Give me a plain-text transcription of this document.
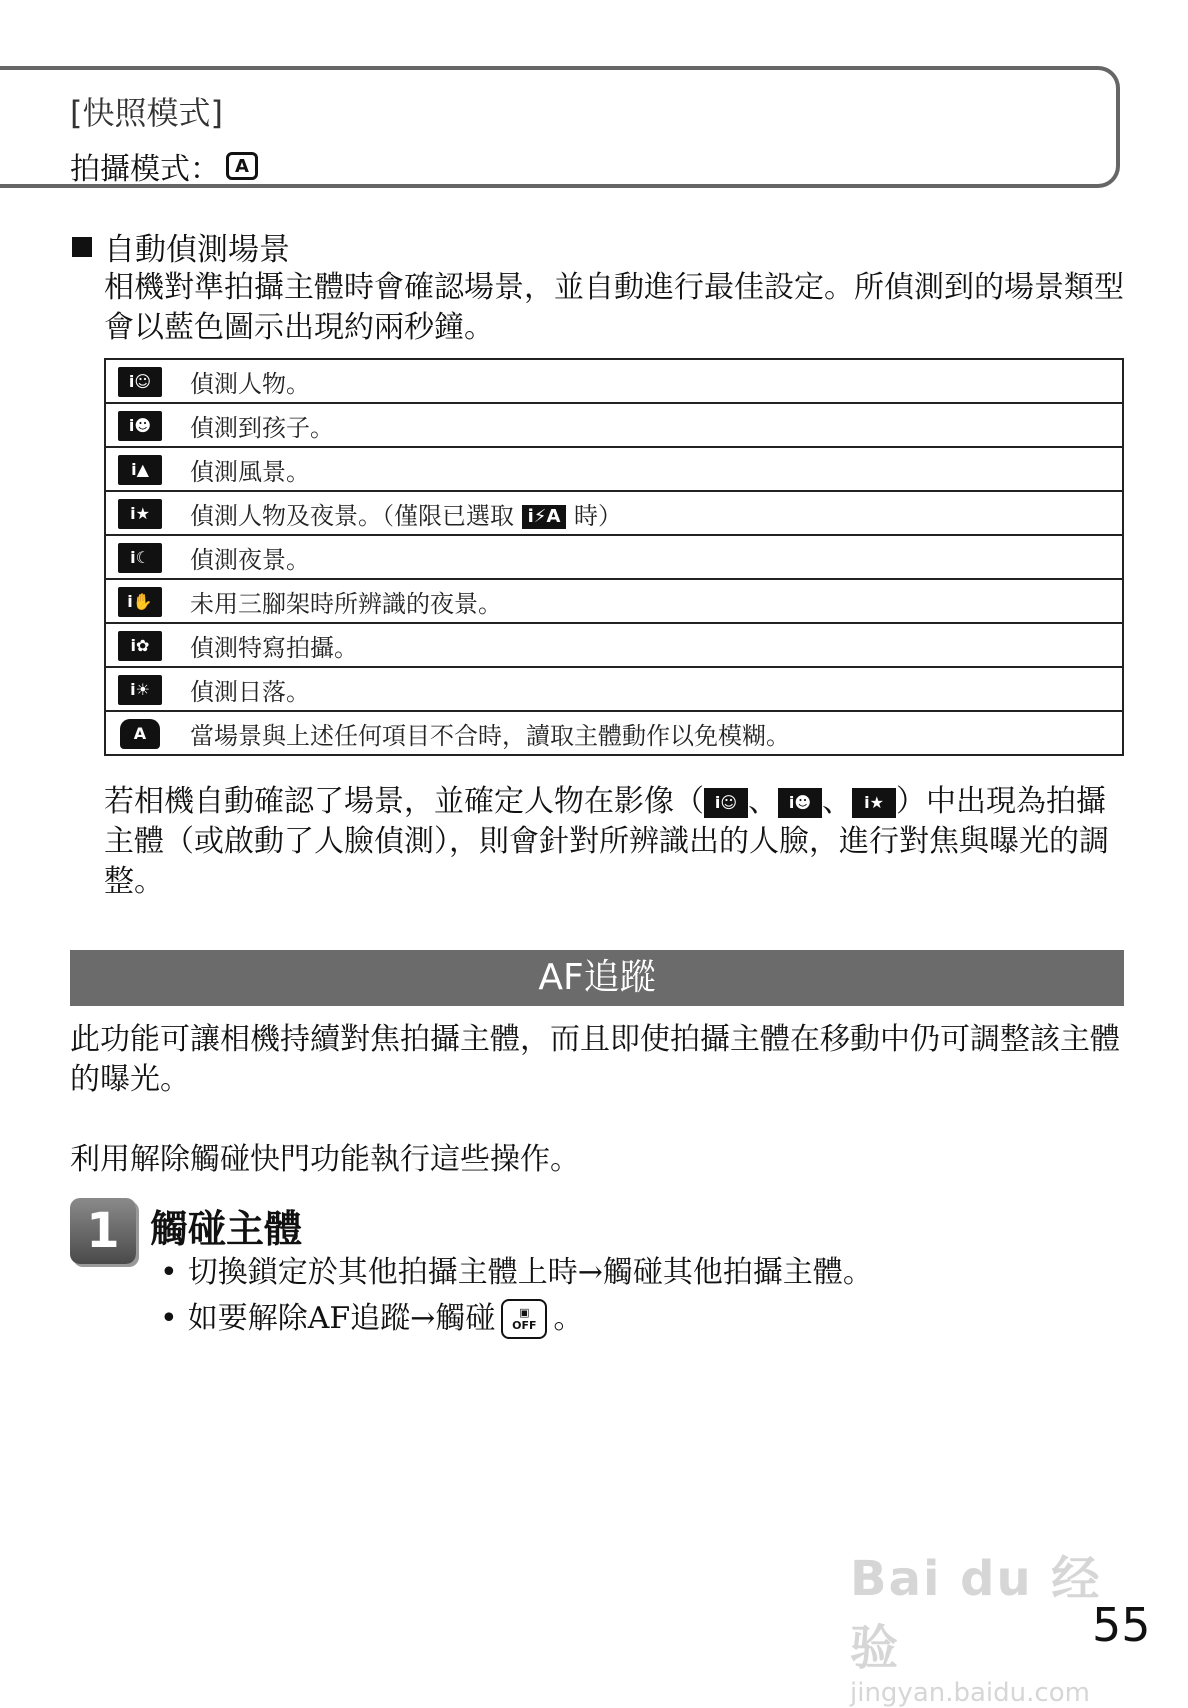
[快照模式]
拍攝模式： A
自動偵測場景
相機對準拍攝主體時會確認場景，並自動進行最佳設定。所偵測到的場景類型會以藍色圖示出現約兩秒鐘。
i☺	偵測人物。
i☻	偵測到孩子。
i▲	偵測風景。
i★	偵測人物及夜景。（僅限已選取 i⚡A 時）
i☾	偵測夜景。
i✋	未用三腳架時所辨識的夜景。
i✿	偵測特寫拍攝。
i☀	偵測日落。
A	當場景與上述任何項目不合時，讀取主體動作以免模糊。
若相機自動確認了場景，並確定人物在影像（ i☺ 、 i☻ 、 i★ ）中出現為拍攝主體（或啟動了人臉偵測），則會針對所辨識出的人臉，進行對焦與曝光的調整。
AF追蹤
此功能可讓相機持續對焦拍攝主體，而且即使拍攝主體在移動中仍可調整該主體的曝光。
利用解除觸碰快門功能執行這些操作。
1 觸碰主體
• 切換鎖定於其他拍攝主體上時→觸碰其他拍攝主體。
• 如要解除AF追蹤→觸碰 ▣
OFF 。
Bai du 经验
jingyan.baidu.com
55
